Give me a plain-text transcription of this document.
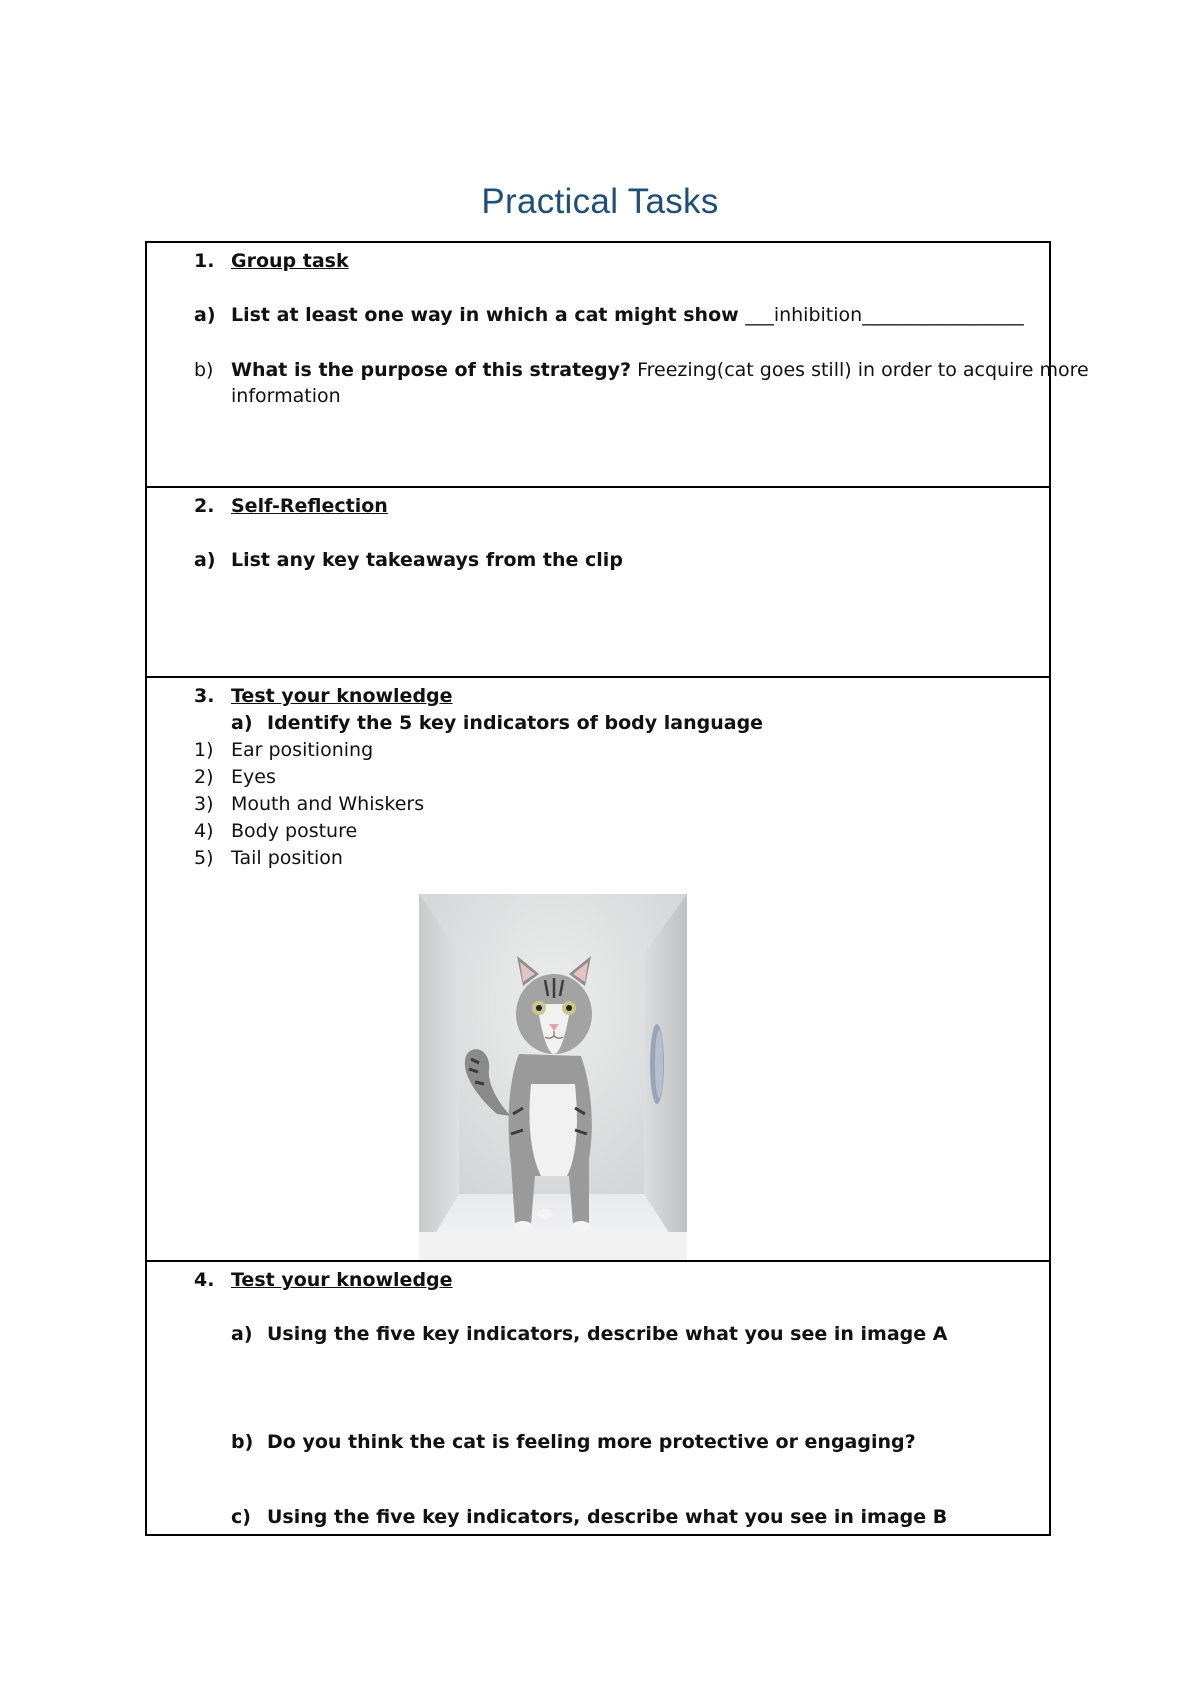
Practical Tasks
1. Group task
a) List at least one way in which a cat might show ___inhibition_________________
b) What is the purpose of this strategy? Freezing(cat goes still) in order to acquire more
information
2. Self-Reflection
a) List any key takeaways from the clip
3. Test your knowledge
a) Identify the 5 key indicators of body language
1) Ear positioning
2) Eyes
3) Mouth and Whiskers
4) Body posture
5) Tail position
4. Test your knowledge
a) Using the five key indicators, describe what you see in image A
b) Do you think the cat is feeling more protective or engaging?
c) Using the five key indicators, describe what you see in image B
